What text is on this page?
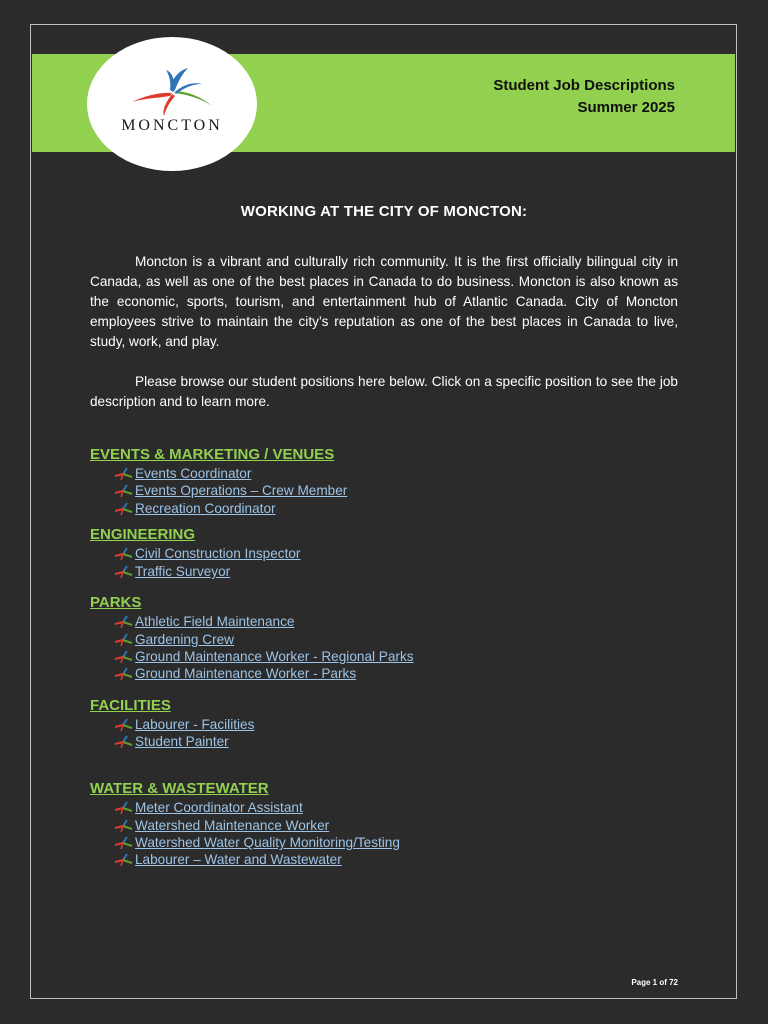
MONCTON
Student Job Descriptions
Summer 2025
WORKING AT THE CITY OF MONCTON:

Moncton is a vibrant and culturally rich community. It is the first officially bilingual city in Canada, as well as one of the best places in Canada to do business. Moncton is also known as the economic, sports, tourism, and entertainment hub of Atlantic Canada. City of Moncton employees strive to maintain the city’s reputation as one of the best places in Canada to live, study, work, and play.

Please browse our student positions here below. Click on a specific position to see the job description and to learn more.

EVENTS & MARKETING / VENUES
Events Coordinator
Events Operations – Crew Member
Recreation Coordinator
ENGINEERING
Civil Construction Inspector
Traffic Surveyor
PARKS
Athletic Field Maintenance
Gardening Crew
Ground Maintenance Worker - Regional Parks
Ground Maintenance Worker - Parks
FACILITIES
Labourer - Facilities
Student Painter
WATER & WASTEWATER
Meter Coordinator Assistant
Watershed Maintenance Worker
Watershed Water Quality Monitoring/Testing
Labourer – Water and Wastewater
Page 1 of 72
